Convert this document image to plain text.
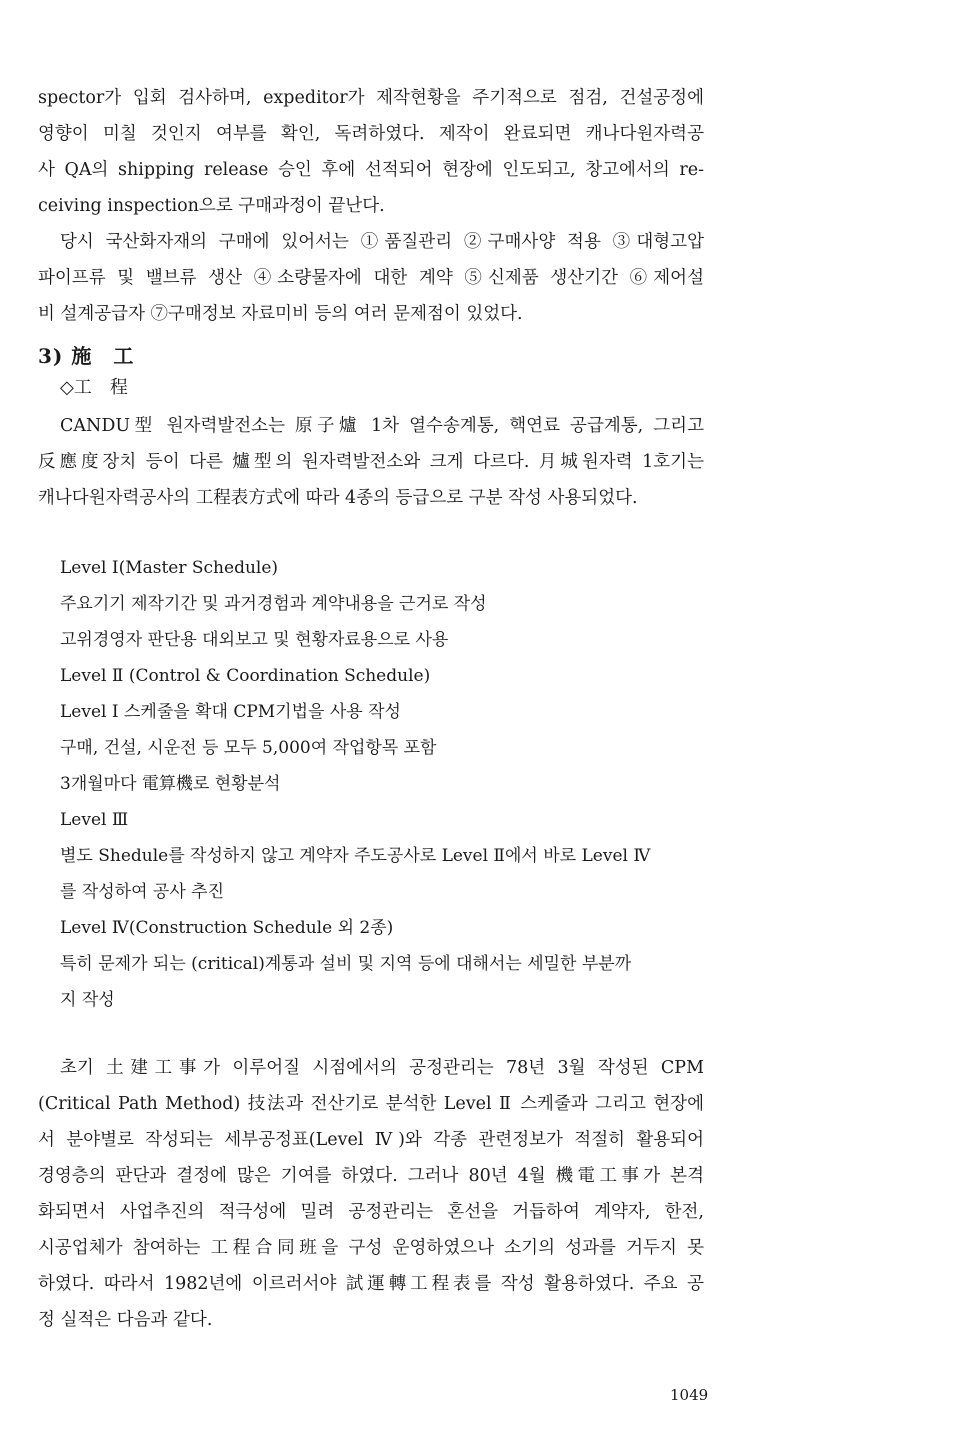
spector가 입회 검사하며, expeditor가 제작현황을 주기적으로 점검, 건설공정에
영향이 미칠 것인지 여부를 확인, 독려하였다. 제작이 완료되면 캐나다원자력공
사 QA의 shipping release 승인 후에 선적되어 현장에 인도되고, 창고에서의 re-
ceiving inspection으로 구매과정이 끝난다.
당시 국산화자재의 구매에 있어서는 ①품질관리 ②구매사양 적용 ③대형고압
파이프류 및 밸브류 생산 ④소량물자에 대한 계약 ⑤신제품 생산기간 ⑥제어설
비 설계공급자 ⑦구매정보 자료미비 등의 여러 문제점이 있었다.
3) 施　工
◇工　程
CANDU型 원자력발전소는 原子爐 1차 열수송계통, 핵연료 공급계통, 그리고
反應度장치 등이 다른 爐型의 원자력발전소와 크게 다르다. 月城원자력 1호기는
캐나다원자력공사의 工程表方式에 따라 4종의 등급으로 구분 작성 사용되었다.
Level Ⅰ(Master Schedule)
주요기기 제작기간 및 과거경험과 계약내용을 근거로 작성
고위경영자 판단용 대외보고 및 현황자료용으로 사용
Level Ⅱ (Control & Coordination Schedule)
Level Ⅰ 스케줄을 확대 CPM기법을 사용 작성
구매, 건설, 시운전 등 모두 5,000여 작업항목 포함
3개월마다 電算機로 현황분석
Level Ⅲ
별도 Shedule를 작성하지 않고 계약자 주도공사로 Level Ⅱ에서 바로 Level Ⅳ
를 작성하여 공사 추진
Level Ⅳ(Construction Schedule 외 2종)
특히 문제가 되는 (critical)계통과 설비 및 지역 등에 대해서는 세밀한 부분까
지 작성
초기 土建工事가 이루어질 시점에서의 공정관리는 78년 3월 작성된 CPM
(Critical Path Method) 技法과 전산기로 분석한 Level Ⅱ 스케줄과 그리고 현장에
서 분야별로 작성되는 세부공정표(Level Ⅳ)와 각종 관련정보가 적절히 활용되어
경영층의 판단과 결정에 많은 기여를 하였다. 그러나 80년 4월 機電工事가 본격
화되면서 사업추진의 적극성에 밀려 공정관리는 혼선을 거듭하여 계약자, 한전,
시공업체가 참여하는 工程合同班을 구성 운영하였으나 소기의 성과를 거두지 못
하였다. 따라서 1982년에 이르러서야 試運轉工程表를 작성 활용하였다. 주요 공
정 실적은 다음과 같다.
1049
